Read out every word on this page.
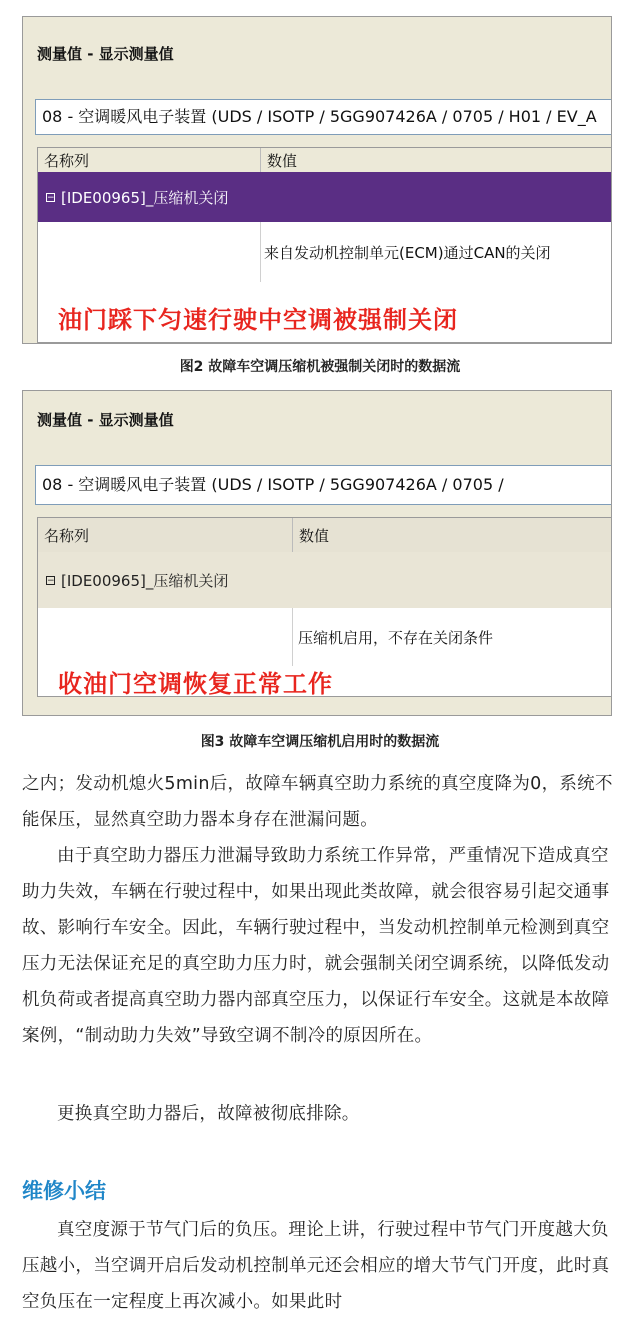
测量值 - 显示测量值
08 - 空调暖风电子装置 (UDS / ISOTP / 5GG907426A / 0705 / H01 / EV_A
名称列	数值
− [IDE00965]_压缩机关闭
来自发动机控制单元(ECM)通过CAN的关闭
油门踩下匀速行驶中空调被强制关闭
图2 故障车空调压缩机被强制关闭时的数据流
测量值 - 显示测量值
08 - 空调暖风电子装置 (UDS / ISOTP / 5GG907426A / 0705 /
名称列	数值
− [IDE00965]_压缩机关闭
压缩机启用，不存在关闭条件
收油门空调恢复正常工作
图3 故障车空调压缩机启用时的数据流

之内；发动机熄火5min后，故障车辆真空助力系统的真空度降为0，系统不能保压，显然真空助力器本身存在泄漏问题。

由于真空助力器压力泄漏导致助力系统工作异常，严重情况下造成真空助力失效，车辆在行驶过程中，如果出现此类故障，就会很容易引起交通事故、影响行车安全。因此，车辆行驶过程中，当发动机控制单元检测到真空压力无法保证充足的真空助力压力时，就会强制关闭空调系统，以降低发动机负荷或者提高真空助力器内部真空压力，以保证行车安全。这就是本故障案例，“制动助力失效”导致空调不制冷的原因所在。

更换真空助力器后，故障被彻底排除。

维修小结

真空度源于节气门后的负压。理论上讲，行驶过程中节气门开度越大负压越小，当空调开启后发动机控制单元还会相应的增大节气门开度，此时真空负压在一定程度上再次减小。如果此时
